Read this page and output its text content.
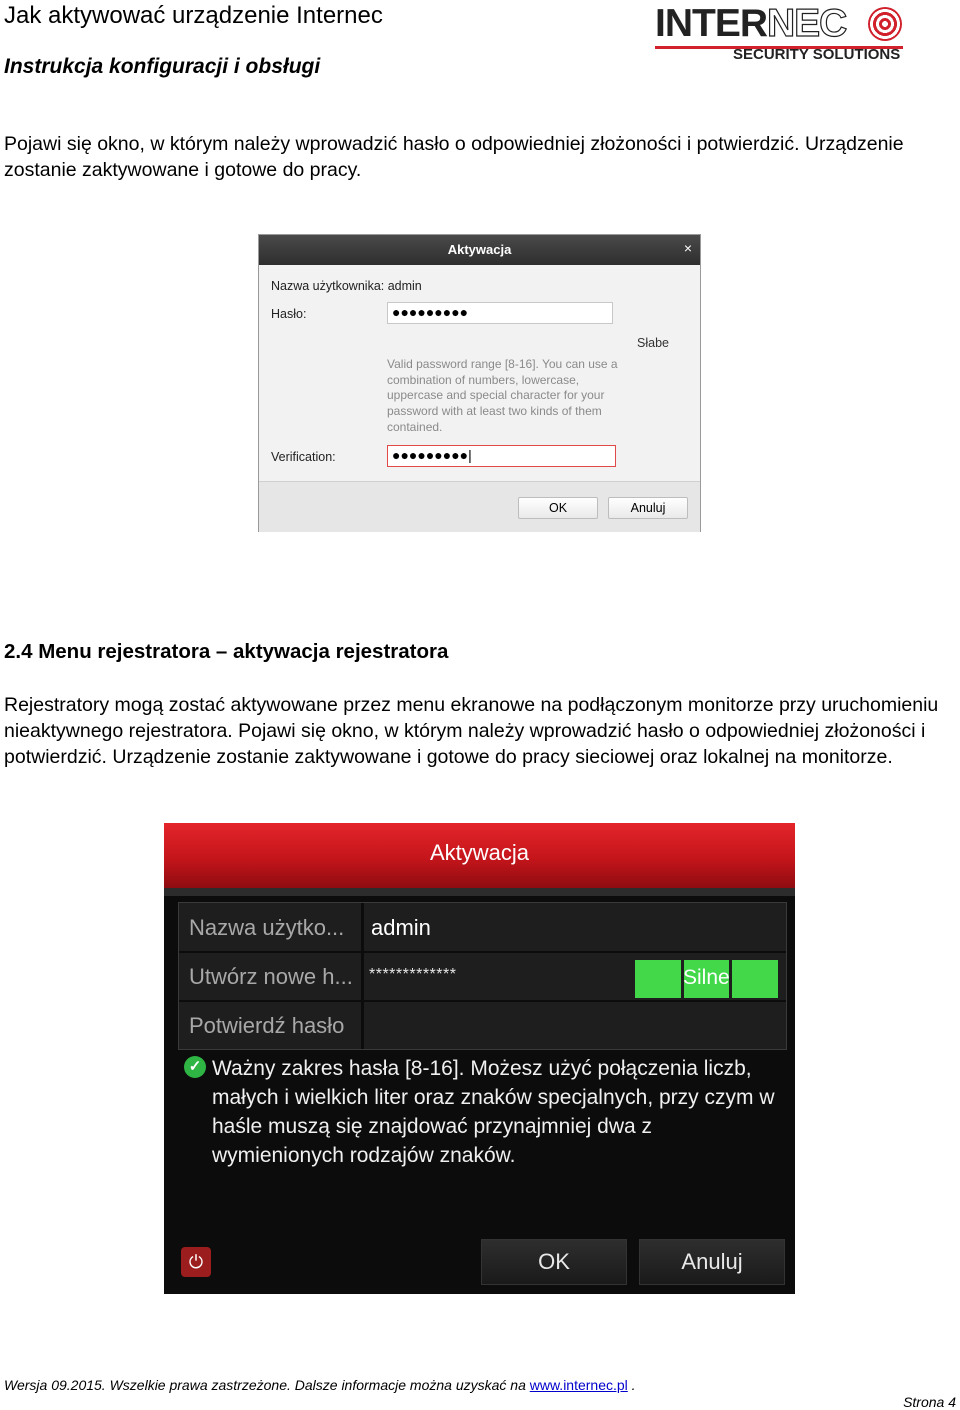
Jak aktywować urządzenie Internec
Instrukcja konfiguracji i obsługi
INTERNEC
SECURITY SOLUTIONS
Pojawi się okno, w którym należy wprowadzić hasło o odpowiedniej złożoności i potwierdzić. Urządzenie zostanie zaktywowane i gotowe do pracy.
Aktywacja	×
Nazwa użytkownika: admin
Hasło:	●●●●●●●●●
Słabe
Valid password range [8-16]. You can use a combination of numbers, lowercase, uppercase and special character for your password with at least two kinds of them contained.
Verification:	●●●●●●●●●|
OK	Anuluj
2.4 Menu rejestratora – aktywacja rejestratora
Rejestratory mogą zostać aktywowane przez menu ekranowe na podłączonym monitorze przy uruchomieniu nieaktywnego rejestratora. Pojawi się okno, w którym należy wprowadzić hasło o odpowiedniej złożoności i potwierdzić. Urządzenie zostanie zaktywowane i gotowe do pracy sieciowej oraz lokalnej na monitorze.
Aktywacja
Nazwa użytko... admin
Utwórz nowe h... *************	Silne
Potwierdź hasło
✓ Ważny zakres hasła [8-16]. Możesz użyć połączenia liczb, małych i wielkich liter oraz znaków specjalnych, przy czym w haśle muszą się znajdować przynajmniej dwa z wymienionych rodzajów znaków.
⏻	OK	Anuluj
Wersja 09.2015. Wszelkie prawa zastrzeżone. Dalsze informacje można uzyskać na www.internec.pl .
Strona 4
